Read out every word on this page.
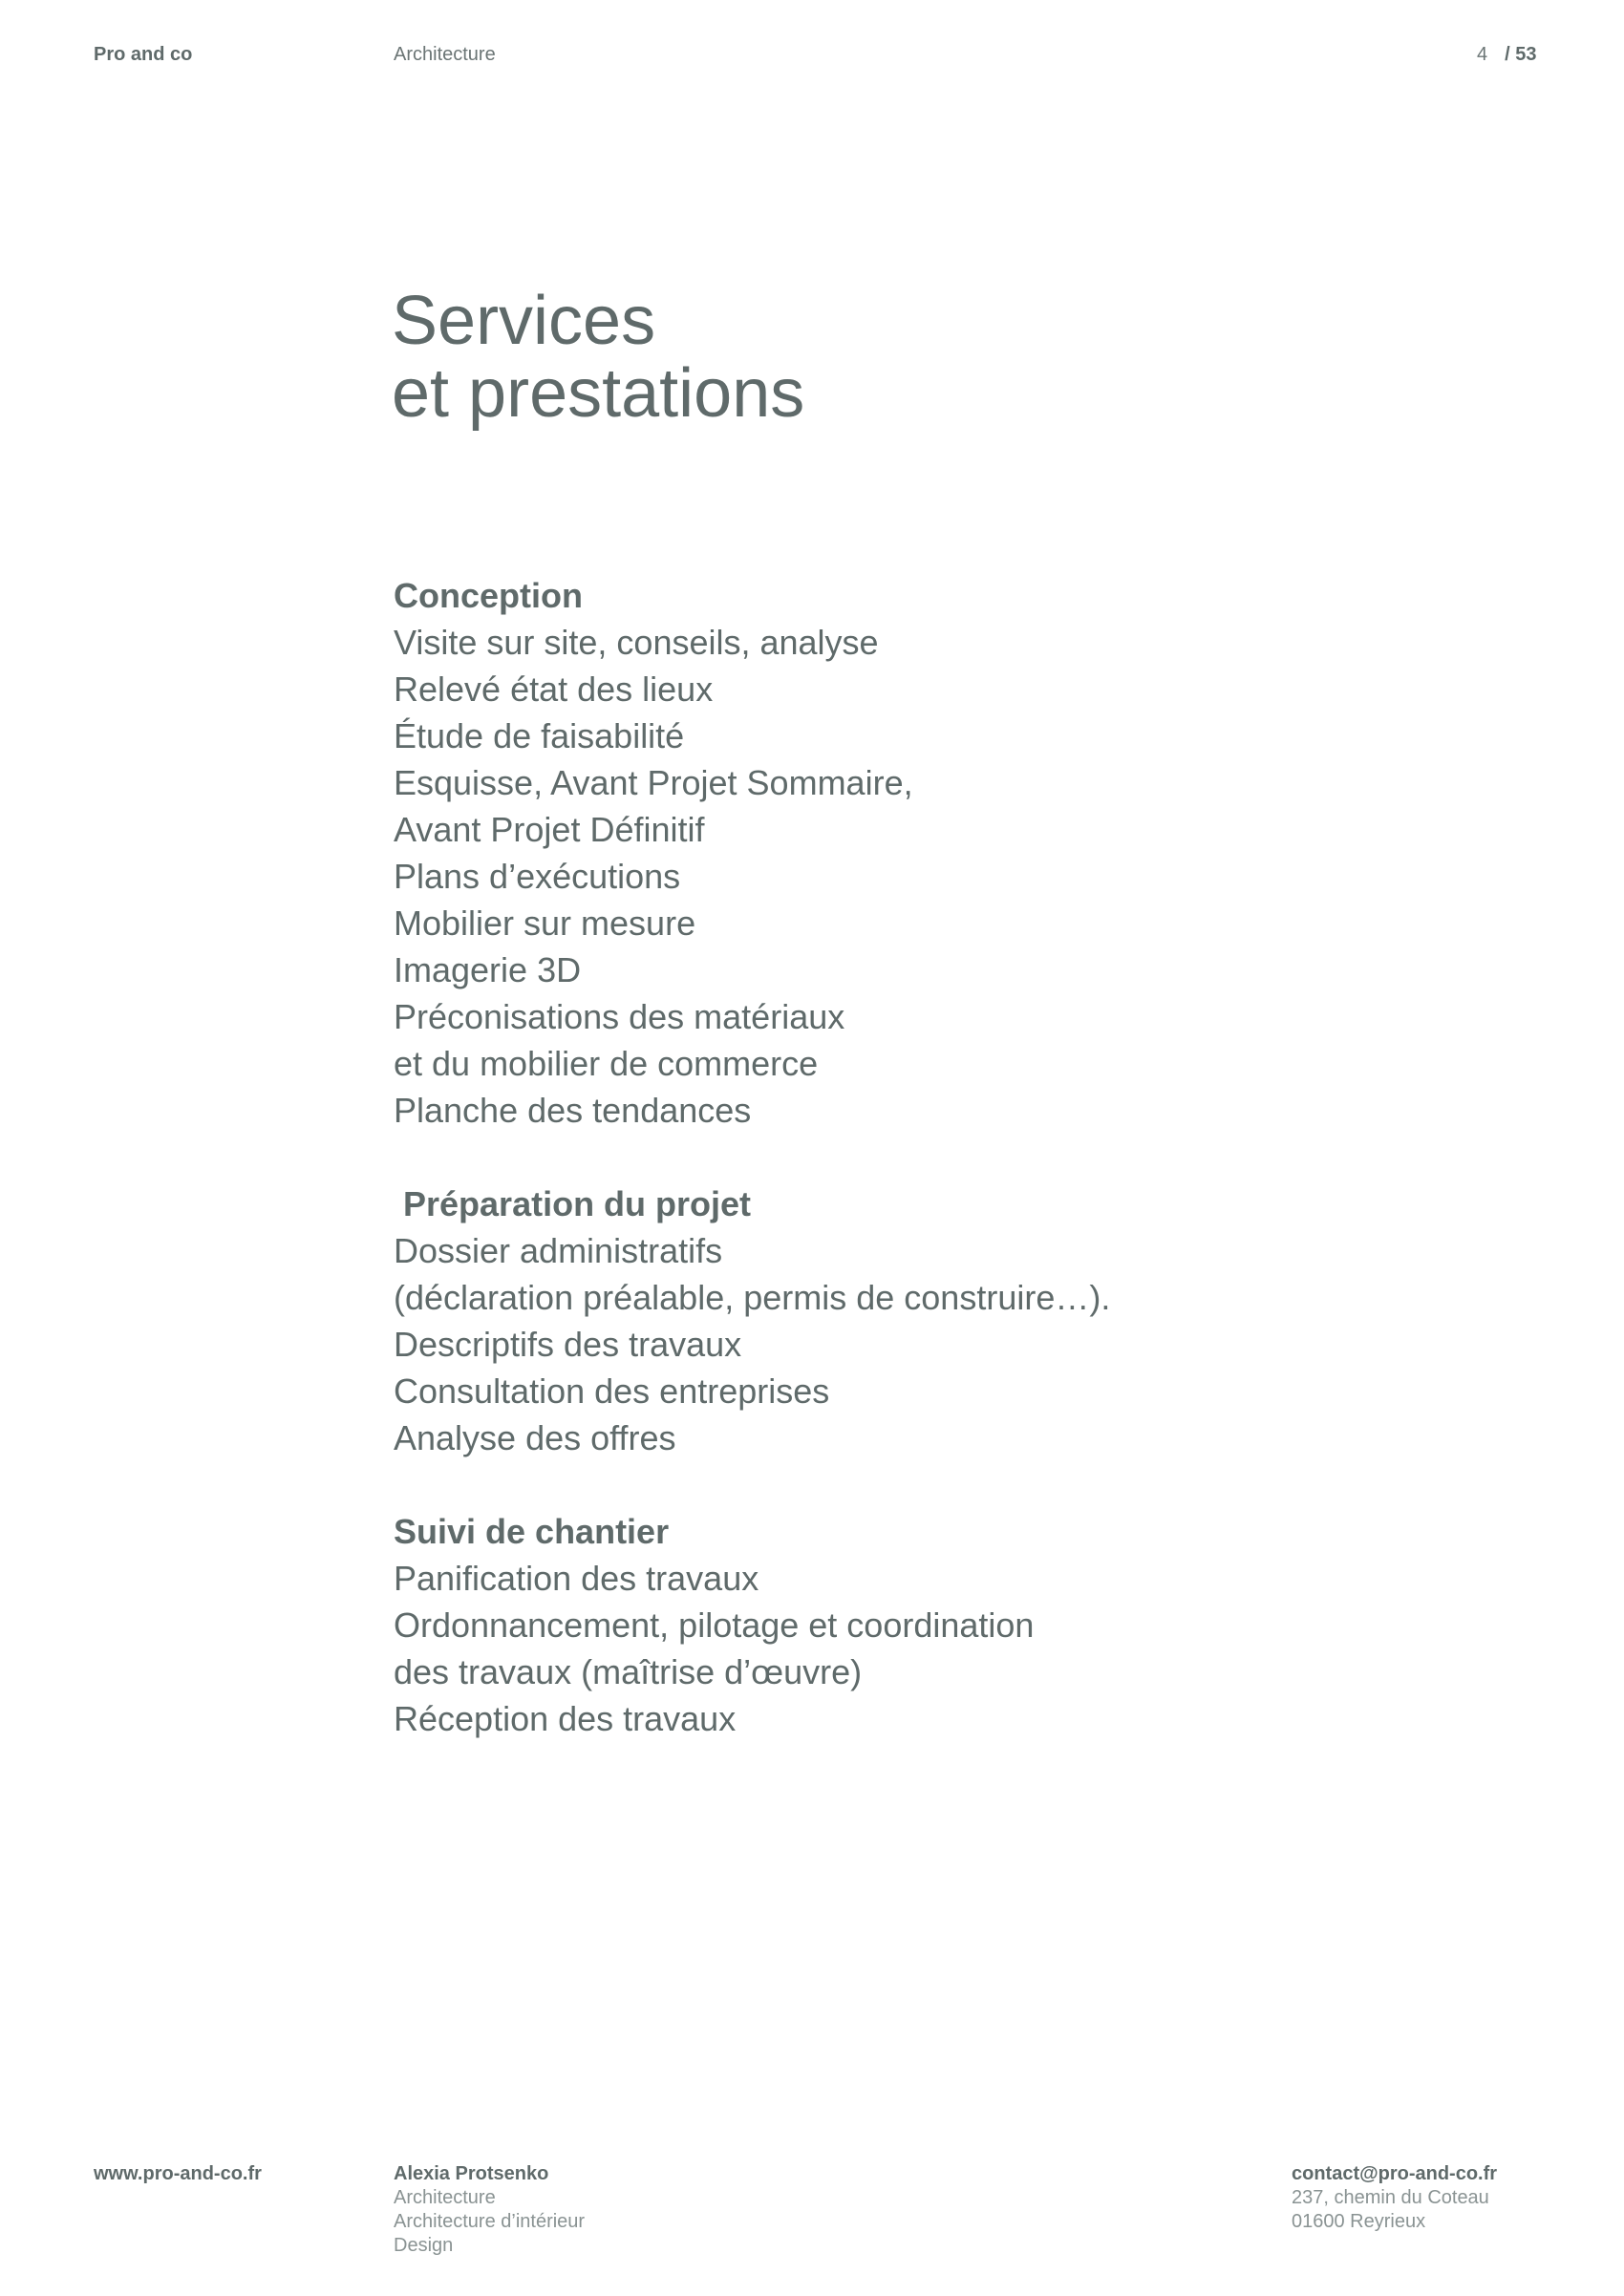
Pro and co	Architecture	4 / 53
Services
et prestations
Conception
Visite sur site, conseils, analyse
Relevé état des lieux
Étude de faisabilité
Esquisse, Avant Projet Sommaire,
Avant Projet Définitif
Plans d’exécutions
Mobilier sur mesure
Imagerie 3D
Préconisations des matériaux
et du mobilier de commerce
Planche des tendances
Préparation du projet
Dossier administratifs
(déclaration préalable, permis de construire…).
Descriptifs des travaux
Consultation des entreprises
Analyse des offres
Suivi de chantier
Panification des travaux
Ordonnancement, pilotage et coordination
des travaux (maîtrise d’œuvre)
Réception des travaux
www.pro-and-co.fr	Alexia Protsenko
Architecture
Architecture d’intérieur
Design
contact@pro-and-co.fr
237, chemin du Coteau
01600 Reyrieux
